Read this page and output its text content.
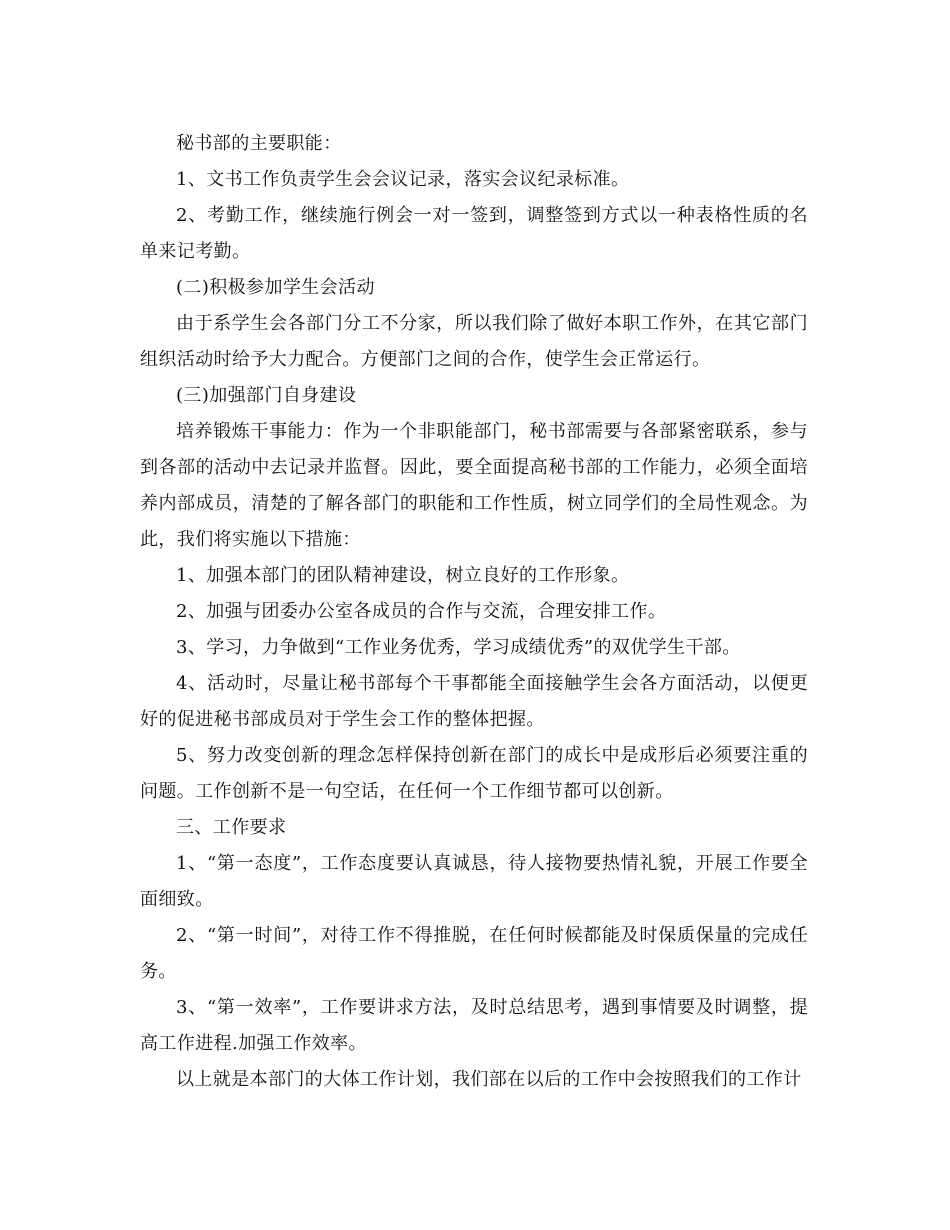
秘书部的主要职能：

1、文书工作负责学生会会议记录，落实会议纪录标准。

2、考勤工作，继续施行例会一对一签到，调整签到方式以一种表格性质的名单来记考勤。

(二)积极参加学生会活动

由于系学生会各部门分工不分家，所以我们除了做好本职工作外，在其它部门组织活动时给予大力配合。方便部门之间的合作，使学生会正常运行。

(三)加强部门自身建设

培养锻炼干事能力：作为一个非职能部门，秘书部需要与各部紧密联系，参与到各部的活动中去记录并监督。因此，要全面提高秘书部的工作能力，必须全面培养内部成员，清楚的了解各部门的职能和工作性质，树立同学们的全局性观念。为此，我们将实施以下措施：

1、加强本部门的团队精神建设，树立良好的工作形象。

2、加强与团委办公室各成员的合作与交流，合理安排工作。

3、学习，力争做到“工作业务优秀，学习成绩优秀”的双优学生干部。

4、活动时，尽量让秘书部每个干事都能全面接触学生会各方面活动，以便更好的促进秘书部成员对于学生会工作的整体把握。

5、努力改变创新的理念怎样保持创新在部门的成长中是成形后必须要注重的问题。工作创新不是一句空话，在任何一个工作细节都可以创新。

三、工作要求

1、“第一态度”，工作态度要认真诚恳，待人接物要热情礼貌，开展工作要全面细致。

2、“第一时间”，对待工作不得推脱，在任何时候都能及时保质保量的完成任务。

3、“第一效率”，工作要讲求方法，及时总结思考，遇到事情要及时调整，提高工作进程.加强工作效率。

以上就是本部门的大体工作计划，我们部在以后的工作中会按照我们的工作计
